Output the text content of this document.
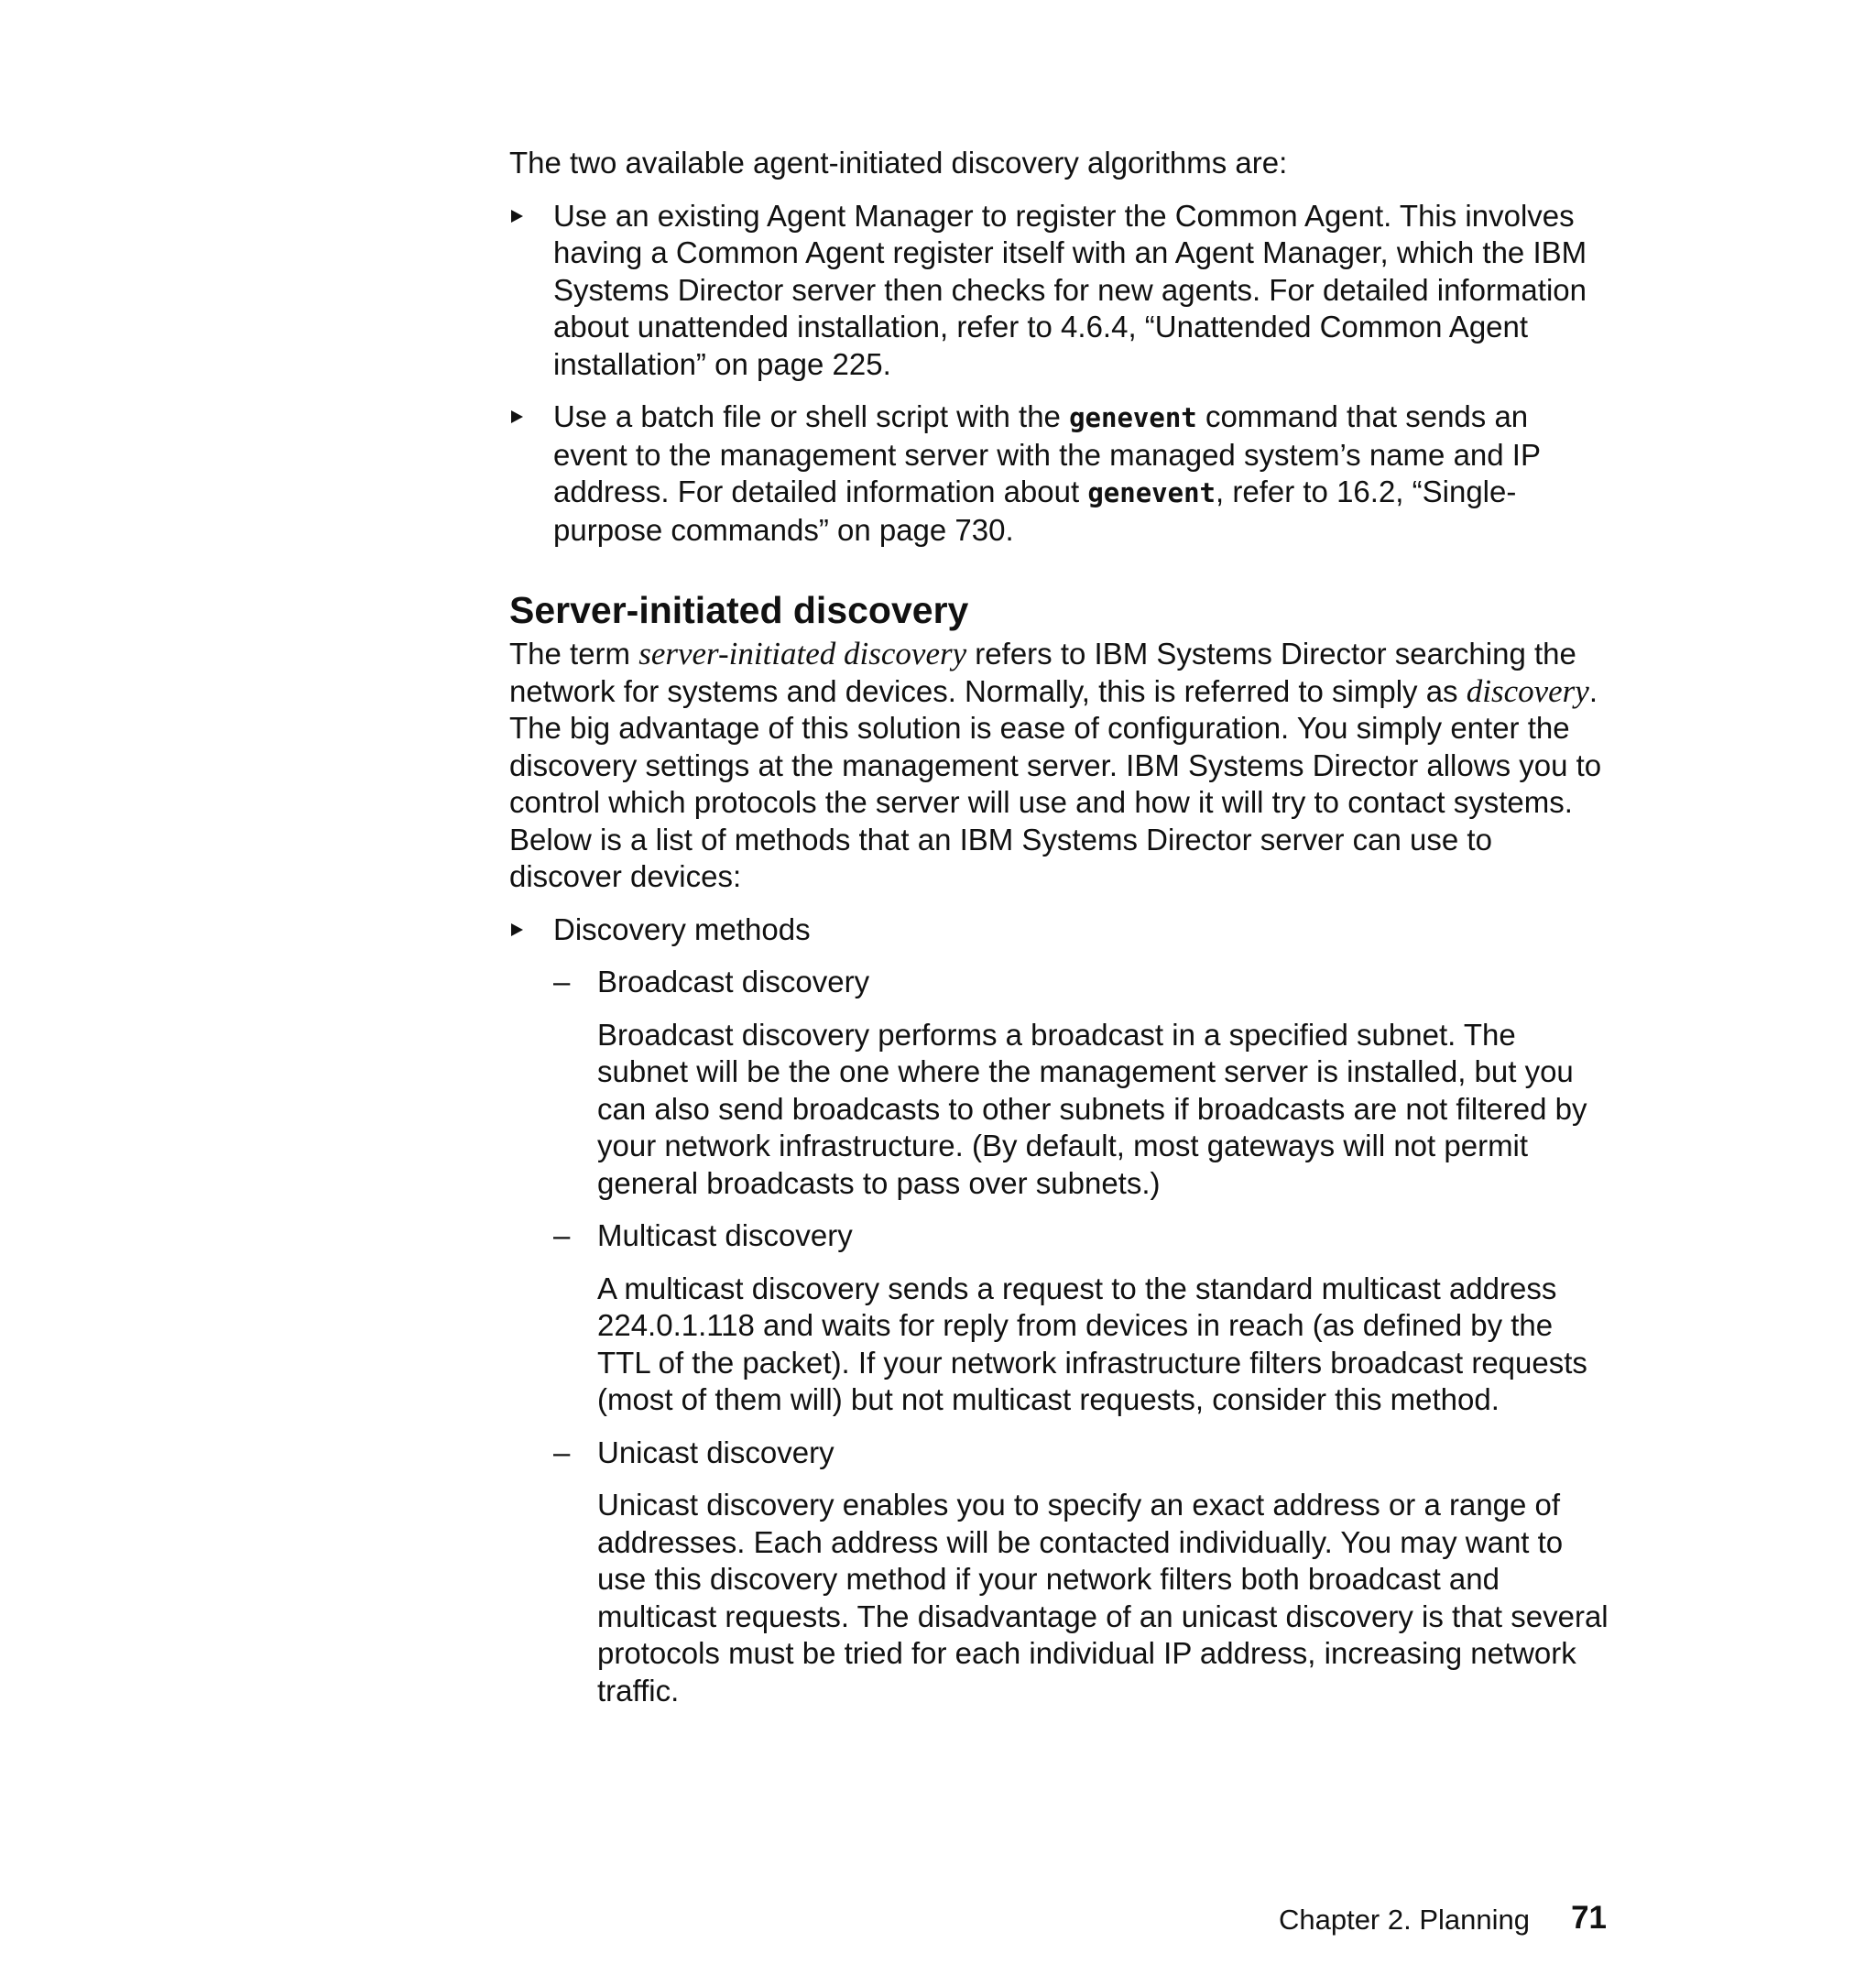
The two available agent-initiated discovery algorithms are:

Use an existing Agent Manager to register the Common Agent. This involves having a Common Agent register itself with an Agent Manager, which the IBM Systems Director server then checks for new agents. For detailed information about unattended installation, refer to 4.6.4, “Unattended Common Agent installation” on page 225.

Use a batch file or shell script with the genevent command that sends an event to the management server with the managed system’s name and IP address. For detailed information about genevent, refer to 16.2, “Single-purpose commands” on page 730.

Server-initiated discovery

The term server-initiated discovery refers to IBM Systems Director searching the network for systems and devices. Normally, this is referred to simply as discovery. The big advantage of this solution is ease of configuration. You simply enter the discovery settings at the management server. IBM Systems Director allows you to control which protocols the server will use and how it will try to contact systems. Below is a list of methods that an IBM Systems Director server can use to discover devices:

Discovery methods

– Broadcast discovery

Broadcast discovery performs a broadcast in a specified subnet. The subnet will be the one where the management server is installed, but you can also send broadcasts to other subnets if broadcasts are not filtered by your network infrastructure. (By default, most gateways will not permit general broadcasts to pass over subnets.)

– Multicast discovery

A multicast discovery sends a request to the standard multicast address 224.0.1.118 and waits for reply from devices in reach (as defined by the TTL of the packet). If your network infrastructure filters broadcast requests (most of them will) but not multicast requests, consider this method.

– Unicast discovery

Unicast discovery enables you to specify an exact address or a range of addresses. Each address will be contacted individually. You may want to use this discovery method if your network filters both broadcast and multicast requests. The disadvantage of an unicast discovery is that several protocols must be tried for each individual IP address, increasing network traffic.

Chapter 2. Planning 71
